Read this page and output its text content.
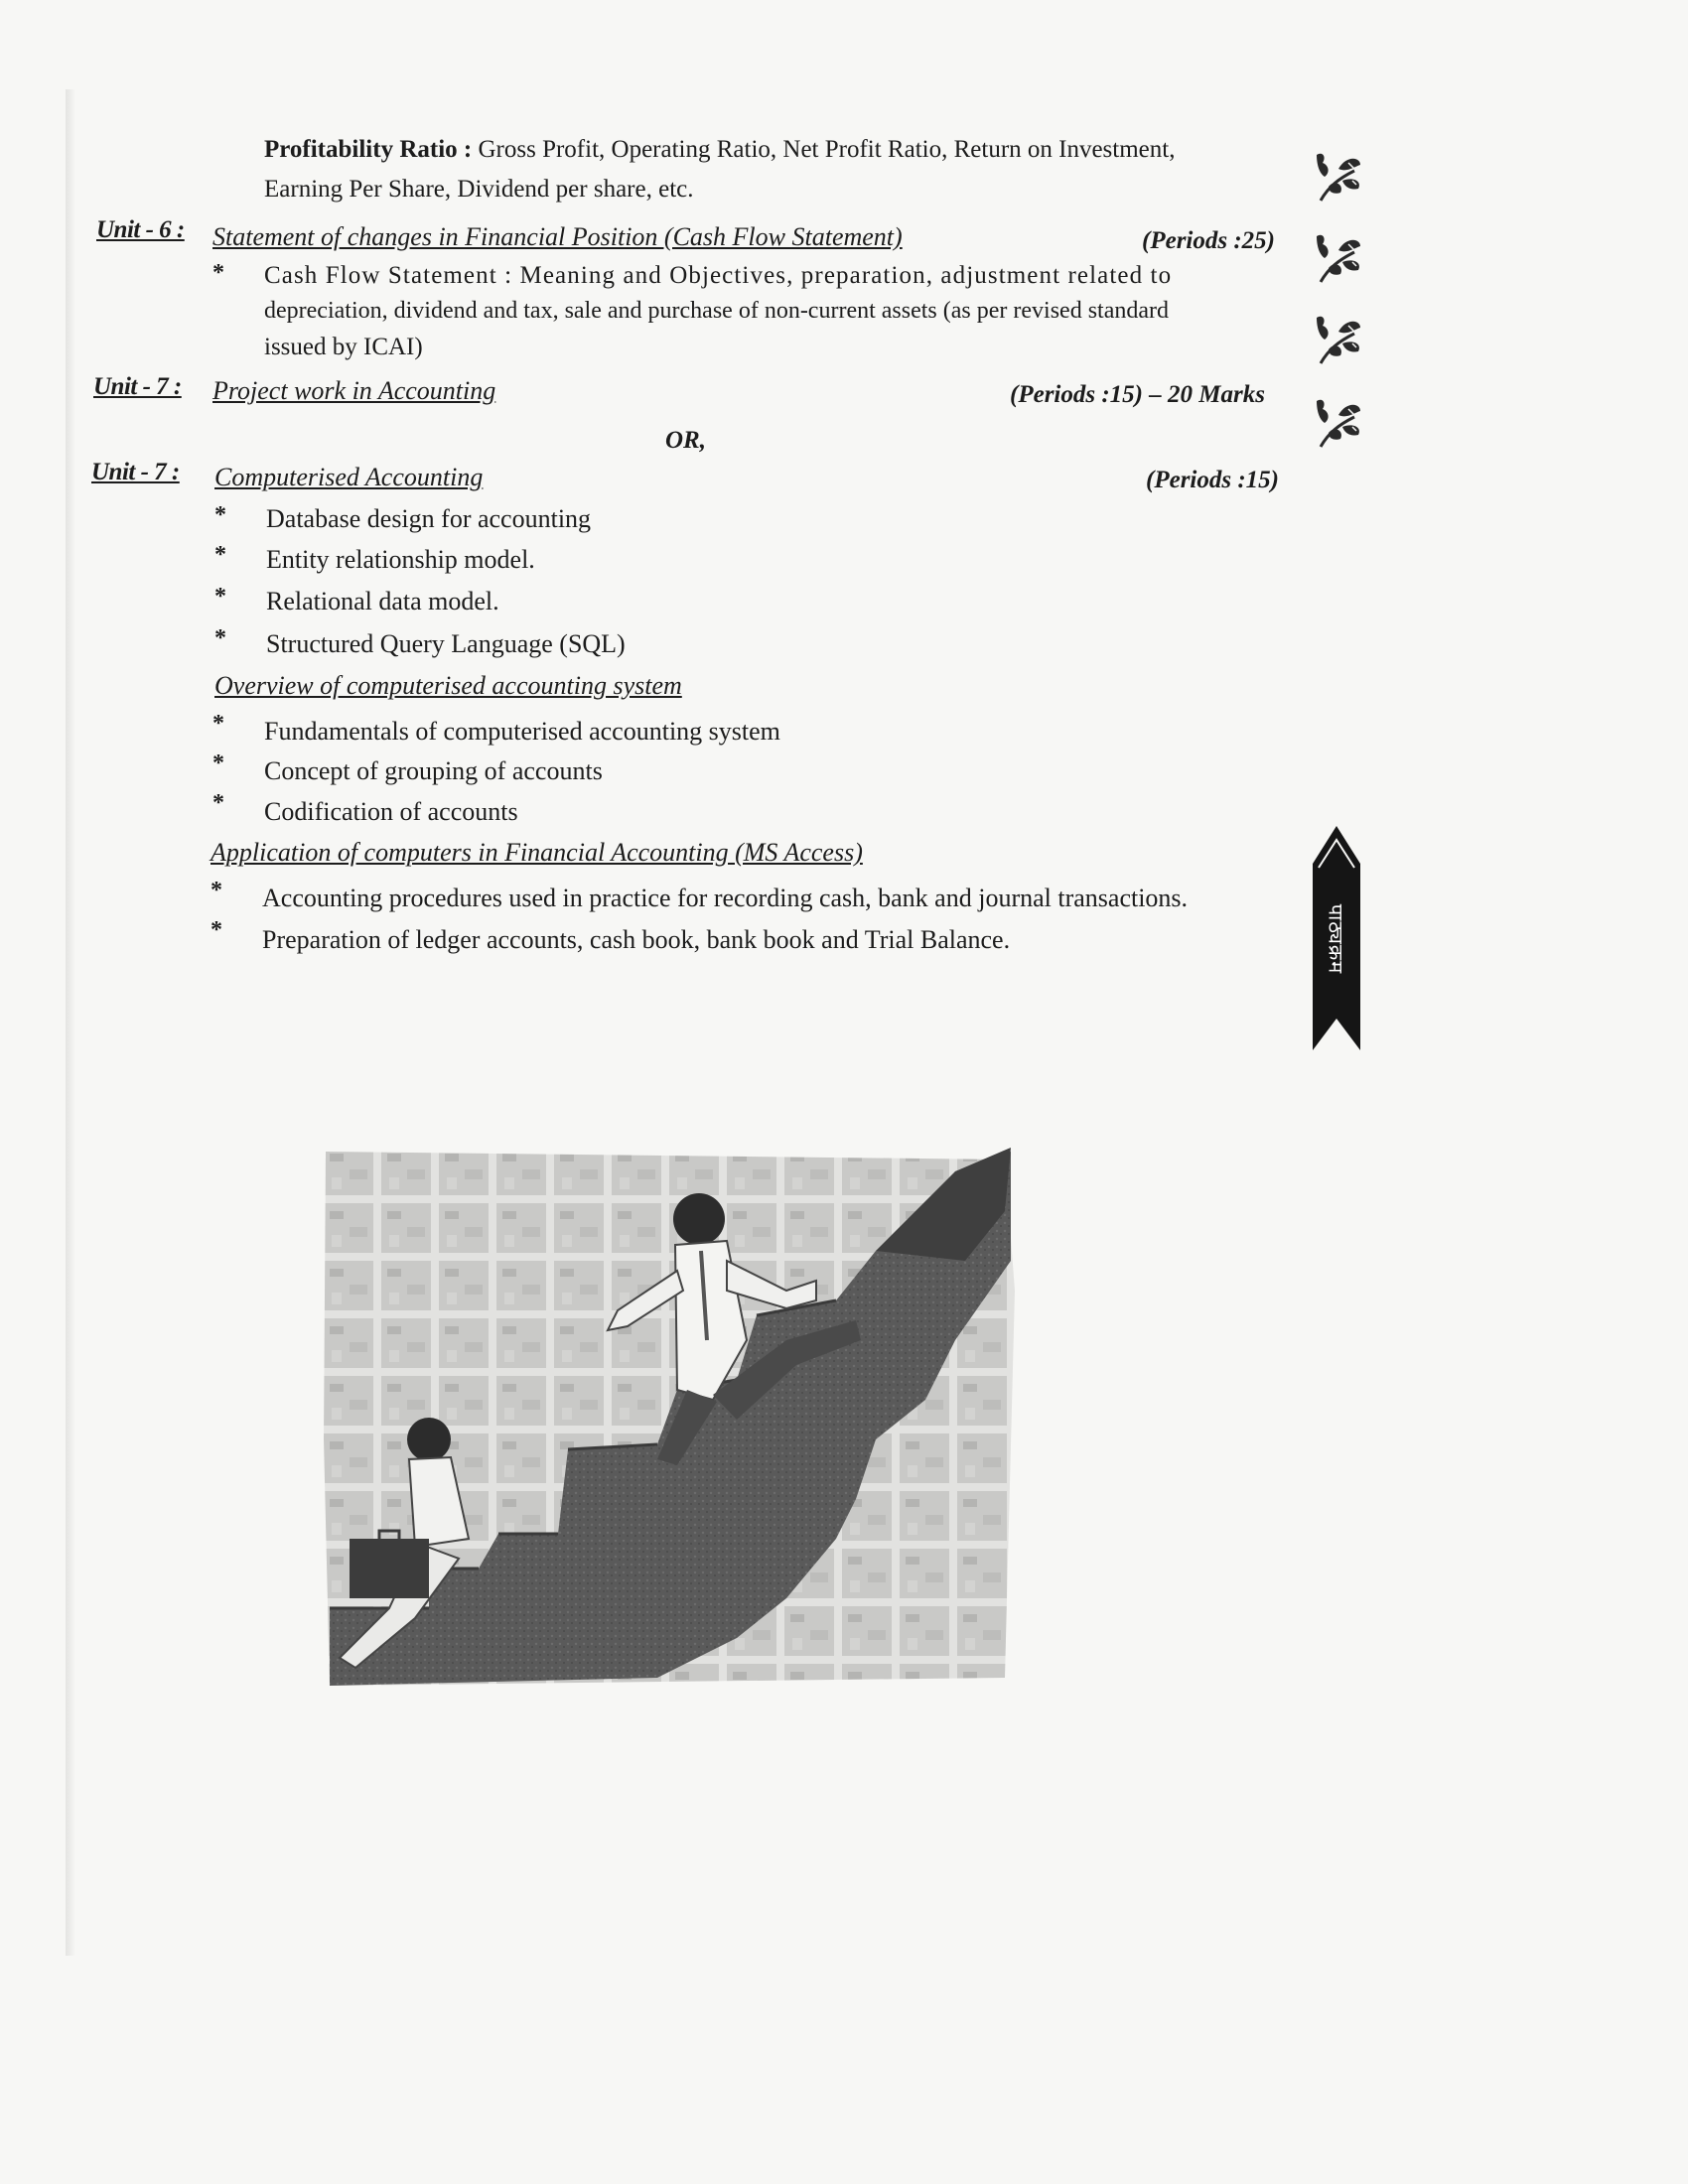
Profitability Ratio : Gross Profit, Operating Ratio, Net Profit Ratio, Return on Investment,
Earning Per Share, Dividend per share, etc.
Unit - 6 : Statement of changes in Financial Position (Cash Flow Statement)	(Periods :25)
* Cash Flow Statement : Meaning and Objectives, preparation, adjustment related to
depreciation, dividend and tax, sale and purchase of non-current assets (as per revised standard
issued by ICAI)
Unit - 7 : Project work in Accounting	(Periods :15) – 20 Marks
OR,
Unit - 7 : Computerised Accounting	(Periods :15)
* Database design for accounting
* Entity relationship model.
* Relational data model.
* Structured Query Language (SQL)
Overview of computerised accounting system
* Fundamentals of computerised accounting system
* Concept of grouping of accounts
* Codification of accounts
Application of computers in Financial Accounting (MS Access)
* Accounting procedures used in practice for recording cash, bank and journal transactions.
* Preparation of ledger accounts, cash book, bank book and Trial Balance.	पाठ्यक्रम
